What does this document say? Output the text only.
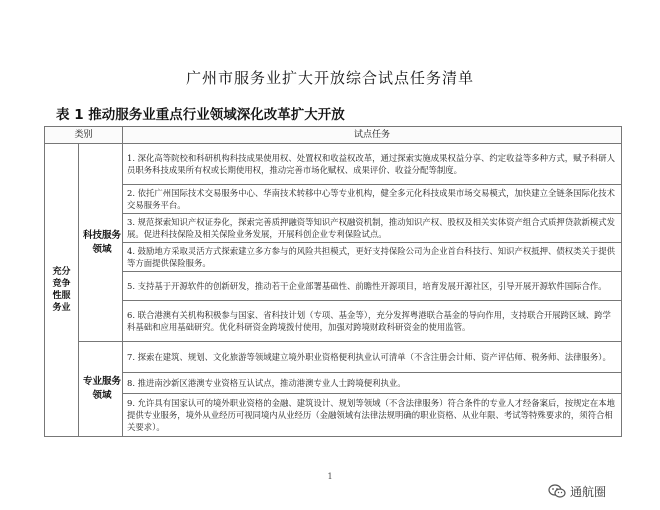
广州市服务业扩大开放综合试点任务清单
表 1 推动服务业重点行业领域深化改革扩大开放
类别		试点任务

充分竞争性服务业	科技服务领域	1. 深化高等院校和科研机构科技成果使用权、处置权和收益权改革，通过探索实施成果权益分享、约定收益等多种方式，赋予科研人员职务科技成果所有权或长期使用权，推动完善市场化赋权、成果评价、收益分配等制度。
		2. 依托广州国际技术交易服务中心、华南技术转移中心等专业机构，健全多元化科技成果市场交易模式，加快建立全链条国际化技术交易服务平台。
		3. 规范探索知识产权证券化，探索完善质押融资等知识产权融资机制，推动知识产权、股权及相关实体资产组合式质押贷款新模式发展。促进科技保险及相关保险业务发展，开展科创企业专利保险试点。
		4. 鼓励地方采取灵活方式探索建立多方参与的风险共担模式，更好支持保险公司为企业首台科技行、知识产权抵押、债权类关于提供等方面提供保险服务。
		5. 支持基于开源软件的创新研发，推动若干企业部署基础性、前瞻性开源项目，培育发展开源社区，引导开展开源软件国际合作。
		6. 联合港澳有关机构积极参与国家、省科技计划（专项、基金等），充分发挥粤港联合基金的导向作用，支持联合开展跨区域、跨学科基础和应用基础研究。优化科研资金跨境拨付使用，加强对跨境财政科研资金的使用监管。

	专业服务领域	7. 探索在建筑、规划、文化旅游等领域建立境外职业资格便利执业认可清单（不含注册会计师、资产评估师、税务师、法律服务）。
		8. 推进南沙新区港澳专业资格互认试点，推动港澳专业人士跨境便利执业。
		9. 允许具有国家认可的境外职业资格的金融、建筑设计、规划等领域（不含法律服务）符合条件的专业人才经备案后，按规定在本地提供专业服务，境外从业经历可视同境内从业经历（金融领域有法律法规明确的职业资格、从业年限、考试等特殊要求的，须符合相关要求）。
1
通航圈
